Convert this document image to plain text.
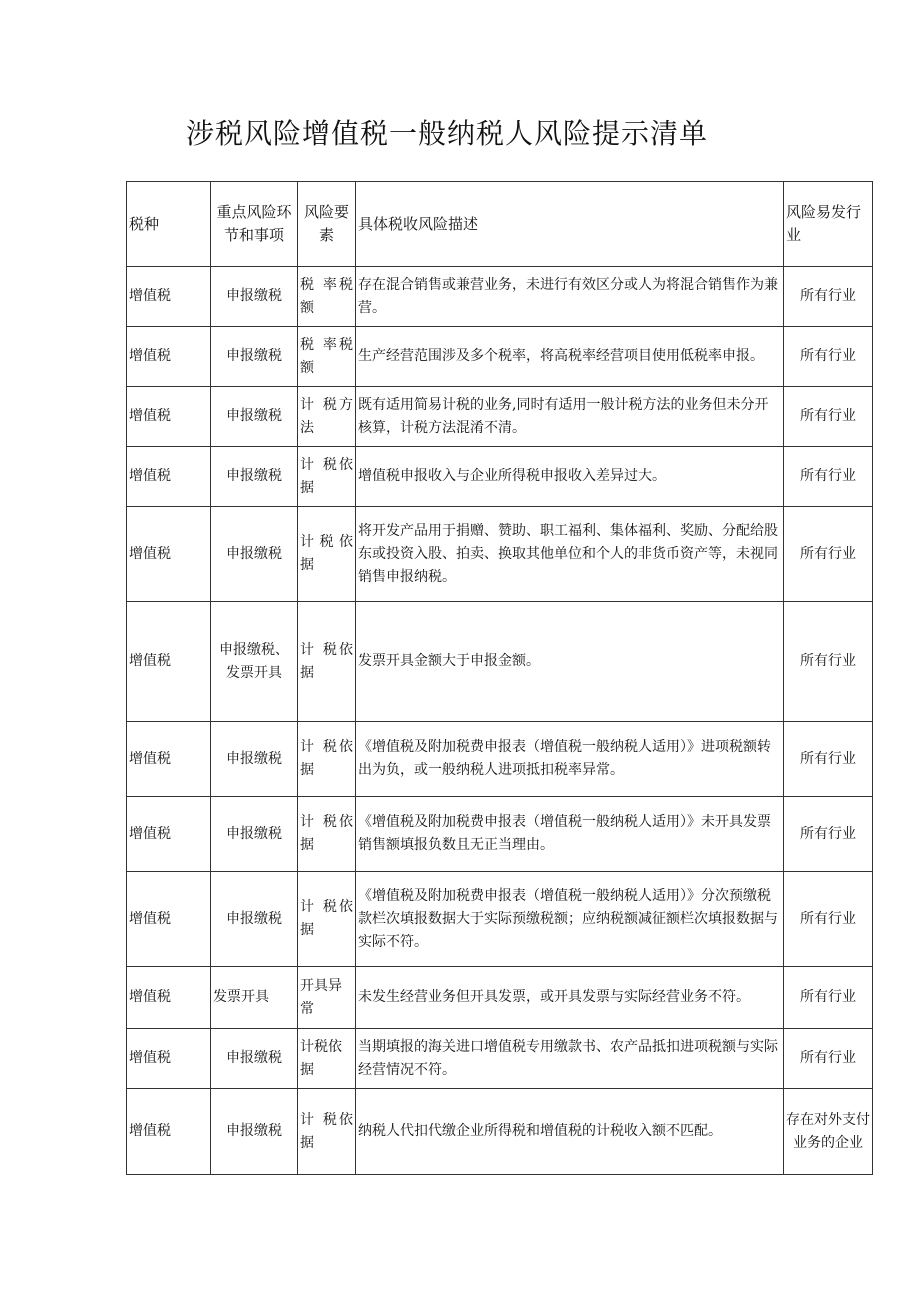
涉税风险增值税一般纳税人风险提示清单
税种	重点风险环节和事项	风险要素	具体税收风险描述	风险易发行业
增值税	申报缴税	税 率税额	存在混合销售或兼营业务，未进行有效区分或人为将混合销售作为兼营。	所有行业
增值税	申报缴税	税 率税额	生产经营范围涉及多个税率，将高税率经营项目使用低税率申报。	所有行业
增值税	申报缴税	计 税方法	既有适用简易计税的业务,同时有适用一般计税方法的业务但未分开核算，计税方法混淆不清。	所有行业
增值税	申报缴税	计 税依据	增值税申报收入与企业所得税申报收入差异过大。	所有行业
增值税	申报缴税	计税依据	将开发产品用于捐赠、赞助、职工福利、集体福利、奖励、分配给股东或投资入股、拍卖、换取其他单位和个人的非货币资产等，未视同销售申报纳税。	所有行业
增值税	申报缴税、发票开具	计 税依据	发票开具金额大于申报金额。	所有行业
增值税	申报缴税	计 税依据	《增值税及附加税费申报表（增值税一般纳税人适用）》进项税额转出为负，或一般纳税人进项抵扣税率异常。	所有行业
增值税	申报缴税	计 税依据	《增值税及附加税费申报表（增值税一般纳税人适用）》未开具发票销售额填报负数且无正当理由。	所有行业
增值税	申报缴税	计 税依据	《增值税及附加税费申报表（增值税一般纳税人适用）》分次预缴税款栏次填报数据大于实际预缴税额；应纳税额减征额栏次填报数据与实际不符。	所有行业
增值税	发票开具	开具异常	未发生经营业务但开具发票，或开具发票与实际经营业务不符。	所有行业
增值税	申报缴税	计税依据	当期填报的海关进口增值税专用缴款书、农产品抵扣进项税额与实际经营情况不符。	所有行业
增值税	申报缴税	计 税依据	纳税人代扣代缴企业所得税和增值税的计税收入额不匹配。	存在对外支付业务的企业
